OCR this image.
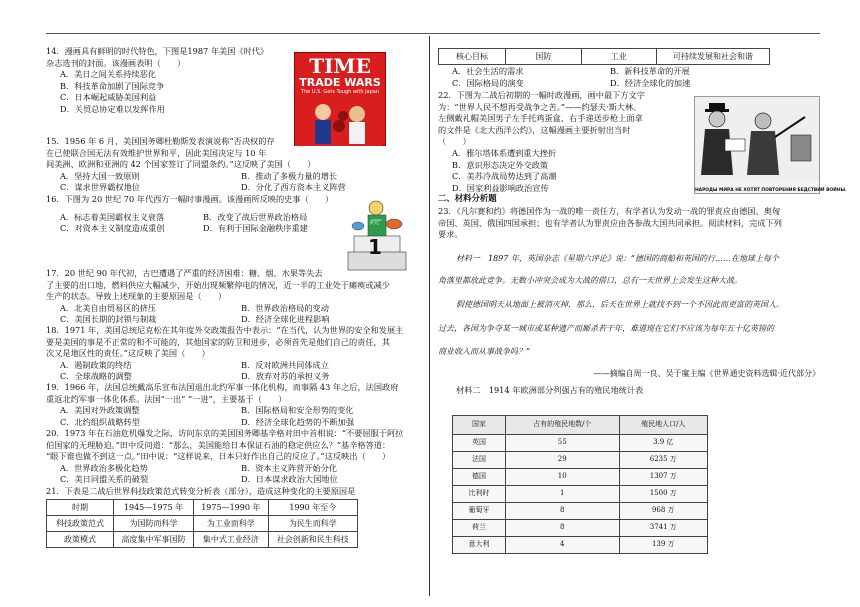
14．漫画具有鲜明的时代特色，下图是1987 年美国《时代》
杂志选刊的封面。该漫画表明（　　）
A．美日之间关系持续恶化
B．科技革命加剧了国际竞争
C．日本崛起威胁美国利益
D．关贸总协定难以发挥作用
TIME
TRADE WARS
The U.S. Gets Tough with Japan
15．1956 年 6 月，美国国务卿杜勒斯发表演说称“否决权的存
在已使联合国无法有效维护世界和平，因此美国决定与 10 年
间美洲、欧洲和亚洲的 42 个国家签订了同盟条约。”这反映了美国（　　）
A．坚持大国一致原则	B．推动了多极力量的增长
C．谋求世界霸权地位	D．分化了西方资本主义阵营
16．下图为 20 世纪 70 年代西方一幅时事漫画。该漫画所反映的史事（　　）
A．标志着美国霸权主义衰落	B．改变了战后世界政治格局
C．对资本主义制度造成重创	D．有利于国际金融秩序重建
1
美元
17．20 世纪 90 年代初，古巴遭遇了严重的经济困难：糖、烟、水果等失去
了主要的出口地，燃料供应大幅减少，开始出现频繁停电的情况，近一半的工业处于瘫痪或减少
生产的状态。导致上述现象的主要原因是（　　）
A．北美自由贸易区的挤压	B．世界政治格局的变动
C．美国长期的封锁与制裁	D．经济全球化进程影响
18．1971 年，美国总统尼克松在其年度外交政策报告中表示：“在当代，认为世界的安全和发展主
要是美国的事是不正常的和不可能的，其他国家的防卫和进步，必须首先是他们自己的责任，其
次又是地区性的责任。”这反映了美国（　　）
A．遏制政策的终结	B．反对欧洲共同体成立
C．全球战略的调整	D．放弃对苏的承担义务
19．1966 年，法国总统戴高乐宣布法国退出北约军事一体化机构，而事隔 43 年之后，法国政府
重返北约军事一体化体系。法国“一出” “一进”，主要基于（　　）
A．美国对外政策调整	B．国际格局和安全形势的变化
C．北约组织战略转型	D．经济全球化趋势的不断加强
20．1973 年在石油危机爆发之际，访问东京的美国国务卿基辛格对田中首相说：“不要屈服于阿拉
伯国家的无理胁迫。”田中反问道：“那么，美国能给日本保证石油的稳定供应么？”基辛格答道：
“眼下谁也做不到这一点。”田中说：“这样说来，日本只好作出自己的反应了。”这反映出（　　）
A．世界政治多极化趋势	B．资本主义阵营开始分化
C．美日同盟关系的破裂	D．日本谋求政治大国地位
21．下表是二战后世界科技政策范式转变分析表（部分），造成这种变化的主要原因是
时期	1945—1975 年	1975—1990 年	1990 年至今
科技政策范式	为国防而科学	为工业而科学	为民生而科学
政策模式	高度集中军事国防	集中式工业经济	社会创新和民生科技
核心目标	国防	工业	可持续发展和社会和谐
A．社会生活的需求	B．新科技革命的开展
C．国际格局的演变	D．经济全球化的加速
22．下图为二战后初期的一幅时政漫画，画中最下方文字
为：“世界人民不想再受战争之苦。”——约瑟夫·斯大林。
左侧戴礼帽美国男子左手托鸡蛋盒，右手递送步枪上面拿
的文件是《北大西洋公约》，这幅漫画主要折射出当时
（　　）
A．雅尔塔体系遭到重大挫折
B．意识形态决定外交政策
C．美苏冷战局势达到了高潮
D．国家利益影响政治宣传	НАРОДЫ МИРА НЕ ХОТЯТ ПОВТОРЕНИЯ БЕДСТВИЙ ВОЙНЫ.
二、材料分析题
23．《凡尔赛和约》将德国作为一战的唯一责任方，有学者认为发动一战的罪责应由德国、奥匈
帝国、英国、俄国四国承担；也有学者认为罪责应由各参战大国共同承担。阅读材料，完成下列
要求。
材料一　1897 年，英国杂志《星期六评论》说：“德国的商船和英国的行……在地球上每个
角落里都放此竞争。无数小冲突会成为大战的借口，总有一天世界上会发生这种大战。
假使德国明天从地面上被消灭掉，那么，后天在世界上就找不到一个不因此而更富的英国人。
过去，各国为争夺某一城市或某种遗产而厮杀若干年，难道现在它们不应该为每年五十亿英镑的
商业收入而从事战争吗？”
——摘编自周一良、吴于廑主编《世界通史资料选辑·近代部分》
材料二　1914 年欧洲部分列强占有的殖民地统计表
国家	占有的殖民地数/个	殖民地人口/人
英国	55	3.9 亿
法国	29	6235 万
德国	10	1307 万
比利时	1	1500 万
葡萄牙	8	968 万
荷兰	8	3741 万
意大利	4	139 万
